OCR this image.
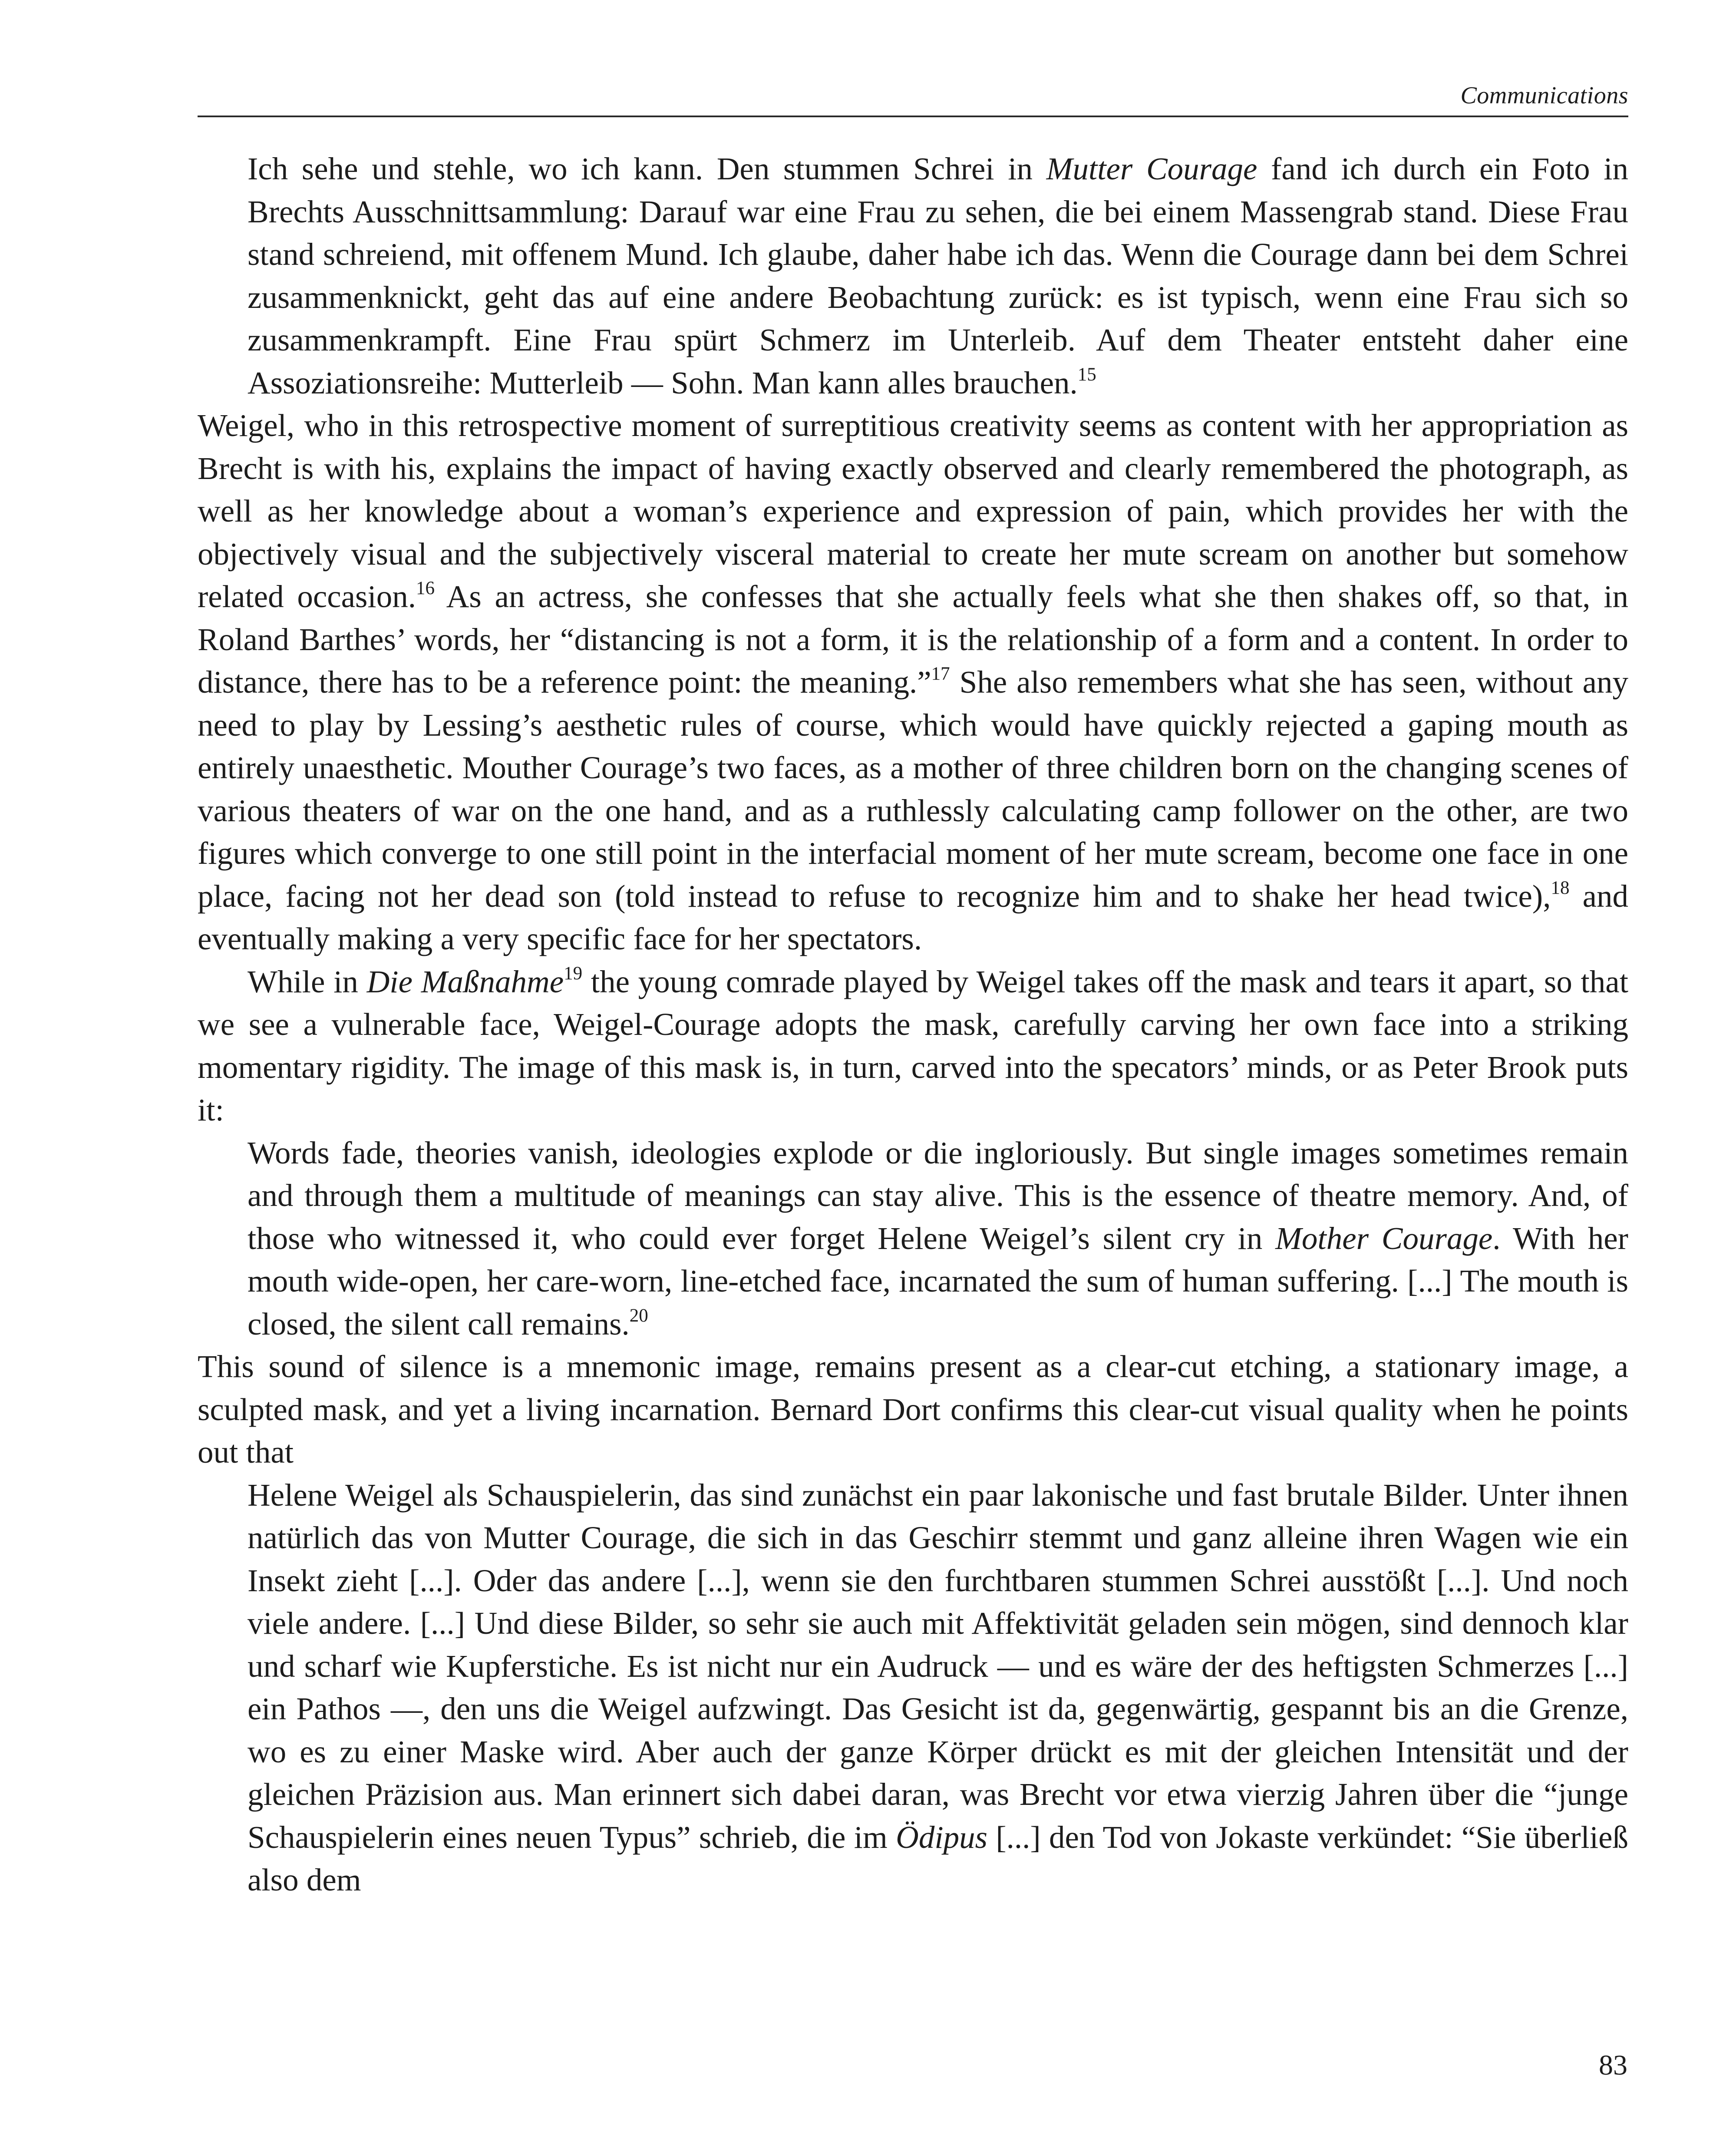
Communications
Ich sehe und stehle, wo ich kann. Den stummen Schrei in Mutter Courage fand ich durch ein Foto in Brechts Ausschnittsammlung: Darauf war eine Frau zu sehen, die bei einem Massengrab stand. Diese Frau stand schreiend, mit offenem Mund. Ich glaube, daher habe ich das. Wenn die Courage dann bei dem Schrei zusammenknickt, geht das auf eine andere Beobachtung zurück: es ist typisch, wenn eine Frau sich so zusammenkrampft. Eine Frau spürt Schmerz im Unterleib. Auf dem Theater entsteht daher eine Assoziationsreihe: Mutterleib — Sohn. Man kann alles brauchen.$^{15}$

Weigel, who in this retrospective moment of surreptitious creativity seems as content with her appropriation as Brecht is with his, explains the impact of having exactly observed and clearly remembered the photograph, as well as her knowledge about a woman’s experience and expression of pain, which provides her with the objectively visual and the subjectively visceral material to create her mute scream on another but somehow related occasion.$^{16}$ As an actress, she confesses that she actually feels what she then shakes off, so that, in Roland Barthes’ words, her “distancing is not a form, it is the relationship of a form and a content. In order to distance, there has to be a reference point: the meaning.”$^{17}$ She also remembers what she has seen, without any need to play by Lessing’s aesthetic rules of course, which would have quickly rejected a gaping mouth as entirely unaesthetic. Mouther Courage’s two faces, as a mother of three children born on the changing scenes of various theaters of war on the one hand, and as a ruthlessly calculating camp follower on the other, are two figures which converge to one still point in the interfacial moment of her mute scream, become one face in one place, facing not her dead son (told instead to refuse to recognize him and to shake her head twice),$^{18}$ and eventually making a very specific face for her spectators.

While in Die Maßnahme$^{19}$ the young comrade played by Weigel takes off the mask and tears it apart, so that we see a vulnerable face, Weigel-Courage adopts the mask, carefully carving her own face into a striking momentary rigidity. The image of this mask is, in turn, carved into the specators’ minds, or as Peter Brook puts it:

Words fade, theories vanish, ideologies explode or die ingloriously. But single images sometimes remain and through them a multitude of meanings can stay alive. This is the essence of theatre memory. And, of those who witnessed it, who could ever forget Helene Weigel’s silent cry in Mother Courage. With her mouth wide-open, her care-worn, line-etched face, incarnated the sum of human suffering. [...] The mouth is closed, the silent call remains.$^{20}$

This sound of silence is a mnemonic image, remains present as a clear-cut etching, a stationary image, a sculpted mask, and yet a living incarnation. Bernard Dort confirms this clear-cut visual quality when he points out that

Helene Weigel als Schauspielerin, das sind zunächst ein paar lakonische und fast brutale Bilder. Unter ihnen natürlich das von Mutter Courage, die sich in das Geschirr stemmt und ganz alleine ihren Wagen wie ein Insekt zieht [...]. Oder das andere [...], wenn sie den furchtbaren stummen Schrei ausstößt [...]. Und noch viele andere. [...] Und diese Bilder, so sehr sie auch mit Affektivität geladen sein mögen, sind dennoch klar und scharf wie Kupferstiche. Es ist nicht nur ein Audruck — und es wäre der des heftigsten Schmerzes [...] ein Pathos —, den uns die Weigel aufzwingt. Das Gesicht ist da, gegenwärtig, gespannt bis an die Grenze, wo es zu einer Maske wird. Aber auch der ganze Körper drückt es mit der gleichen Intensität und der gleichen Präzision aus. Man erinnert sich dabei daran, was Brecht vor etwa vierzig Jahren über die “junge Schauspielerin eines neuen Typus” schrieb, die im Ödipus [...] den Tod von Jokaste verkündet: “Sie überließ also dem
83
